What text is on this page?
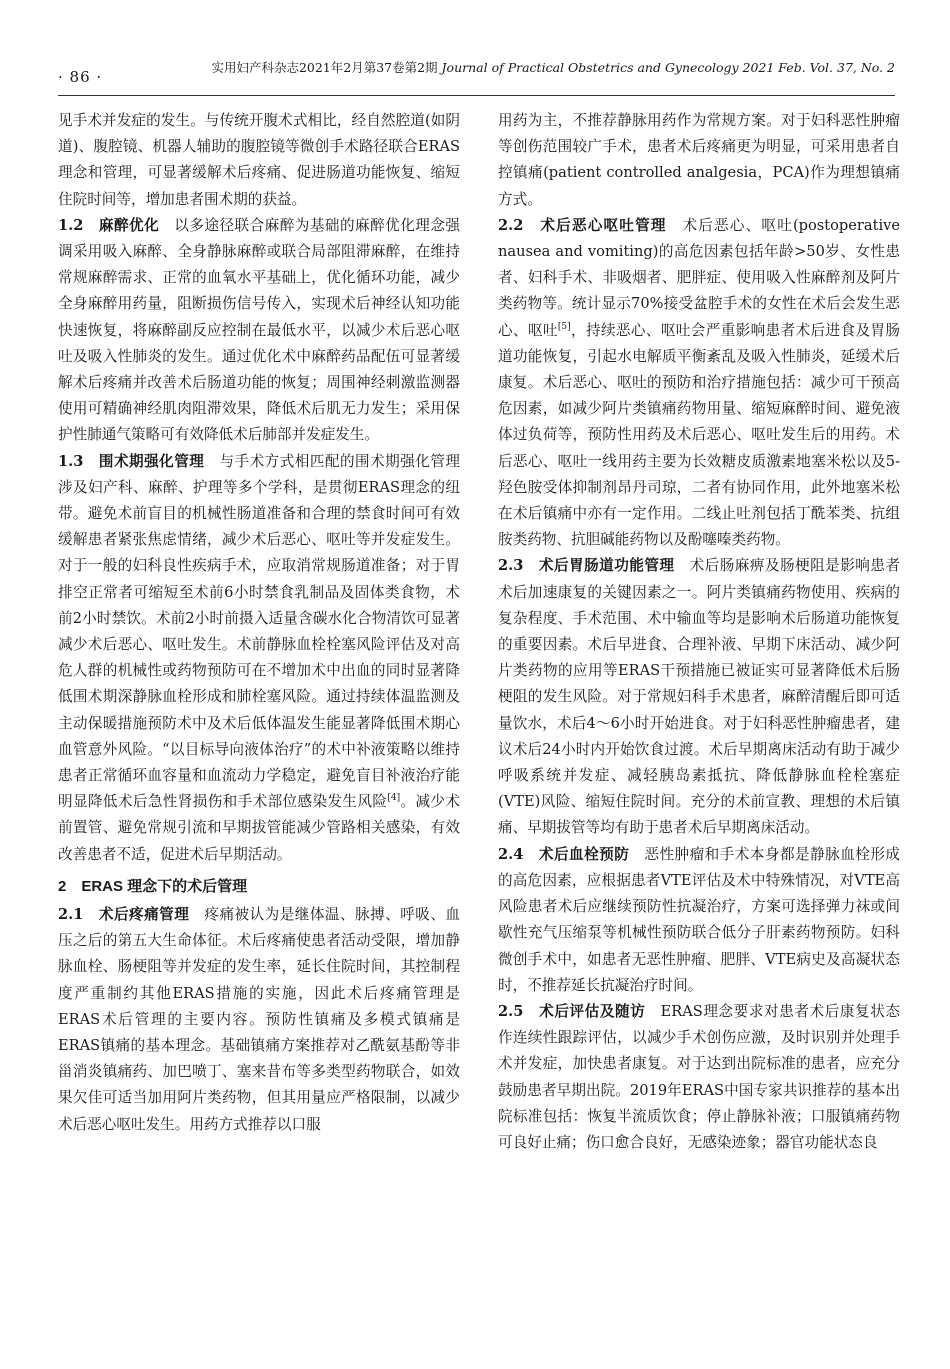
· 86 ·
实用妇产科杂志2021年2月第37卷第2期 Journal of Practical Obstetrics and Gynecology 2021 Feb. Vol. 37, No. 2

见手术并发症的发生。与传统开腹术式相比，经自然腔道(如阴道)、腹腔镜、机器人辅助的腹腔镜等微创手术路径联合ERAS理念和管理，可显著缓解术后疼痛、促进肠道功能恢复、缩短住院时间等，增加患者围术期的获益。

1.2　麻醉优化　 以多途径联合麻醉为基础的麻醉优化理念强调采用吸入麻醉、全身静脉麻醉或联合局部阻滞麻醉，在维持常规麻醉需求、正常的血氧水平基础上，优化循环功能，减少全身麻醉用药量，阻断损伤信号传入，实现术后神经认知功能快速恢复，将麻醉副反应控制在最低水平，以减少术后恶心呕吐及吸入性肺炎的发生。通过优化术中麻醉药品配伍可显著缓解术后疼痛并改善术后肠道功能的恢复；周围神经刺激监测器使用可精确神经肌肉阻滞效果，降低术后肌无力发生；采用保护性肺通气策略可有效降低术后肺部并发症发生。

1.3　围术期强化管理　 与手术方式相匹配的围术期强化管理涉及妇产科、麻醉、护理等多个学科，是贯彻ERAS理念的纽带。避免术前盲目的机械性肠道准备和合理的禁食时间可有效缓解患者紧张焦虑情绪，减少术后恶心、呕吐等并发症发生。对于一般的妇科良性疾病手术，应取消常规肠道准备；对于胃排空正常者可缩短至术前6小时禁食乳制品及固体类食物，术前2小时禁饮。术前2小时前摄入适量含碳水化合物清饮可显著减少术后恶心、呕吐发生。术前静脉血栓栓塞风险评估及对高危人群的机械性或药物预防可在不增加术中出血的同时显著降低围术期深静脉血栓形成和肺栓塞风险。通过持续体温监测及主动保暖措施预防术中及术后低体温发生能显著降低围术期心血管意外风险。“以目标导向液体治疗”的术中补液策略以维持患者正常循环血容量和血流动力学稳定，避免盲目补液治疗能明显降低术后急性肾损伤和手术部位感染发生风险[4]。减少术前置管、避免常规引流和早期拔管能减少管路相关感染，有效改善患者不适，促进术后早期活动。

2　ERAS 理念下的术后管理

2.1　术后疼痛管理　 疼痛被认为是继体温、脉搏、呼吸、血压之后的第五大生命体征。术后疼痛使患者活动受限，增加静脉血栓、肠梗阻等并发症的发生率，延长住院时间，其控制程度严重制约其他ERAS措施的实施，因此术后疼痛管理是ERAS术后管理的主要内容。预防性镇痛及多模式镇痛是ERAS镇痛的基本理念。基础镇痛方案推荐对乙酰氨基酚等非甾消炎镇痛药、加巴喷丁、塞来昔布等多类型药物联合，如效果欠佳可适当加用阿片类药物，但其用量应严格限制，以减少术后恶心呕吐发生。用药方式推荐以口服

用药为主，不推荐静脉用药作为常规方案。对于妇科恶性肿瘤等创伤范围较广手术，患者术后疼痛更为明显，可采用患者自控镇痛(patient controlled analgesia，PCA)作为理想镇痛方式。

2.2　术后恶心呕吐管理　 术后恶心、呕吐(postoperative nausea and vomiting)的高危因素包括年龄>50岁、女性患者、妇科手术、非吸烟者、肥胖症、使用吸入性麻醉剂及阿片类药物等。统计显示70%接受盆腔手术的女性在术后会发生恶心、呕吐[5]，持续恶心、呕吐会严重影响患者术后进食及胃肠道功能恢复，引起水电解质平衡紊乱及吸入性肺炎，延缓术后康复。术后恶心、呕吐的预防和治疗措施包括：减少可干预高危因素，如减少阿片类镇痛药物用量、缩短麻醉时间、避免液体过负荷等，预防性用药及术后恶心、呕吐发生后的用药。术后恶心、呕吐一线用药主要为长效糖皮质激素地塞米松以及5-羟色胺受体抑制剂昂丹司琼，二者有协同作用，此外地塞米松在术后镇痛中亦有一定作用。二线止吐剂包括丁酰苯类、抗组胺类药物、抗胆碱能药物以及酚噻嗪类药物。

2.3　术后胃肠道功能管理　 术后肠麻痹及肠梗阻是影响患者术后加速康复的关键因素之一。阿片类镇痛药物使用、疾病的复杂程度、手术范围、术中输血等均是影响术后肠道功能恢复的重要因素。术后早进食、合理补液、早期下床活动、减少阿片类药物的应用等ERAS干预措施已被证实可显著降低术后肠梗阻的发生风险。对于常规妇科手术患者，麻醉清醒后即可适量饮水，术后4～6小时开始进食。对于妇科恶性肿瘤患者，建议术后24小时内开始饮食过渡。术后早期离床活动有助于减少呼吸系统并发症、减轻胰岛素抵抗、降低静脉血栓栓塞症(VTE)风险、缩短住院时间。充分的术前宣教、理想的术后镇痛、早期拔管等均有助于患者术后早期离床活动。

2.4　术后血栓预防　 恶性肿瘤和手术本身都是静脉血栓形成的高危因素，应根据患者VTE评估及术中特殊情况，对VTE高风险患者术后应继续预防性抗凝治疗，方案可选择弹力袜或间歇性充气压缩泵等机械性预防联合低分子肝素药物预防。妇科微创手术中，如患者无恶性肿瘤、肥胖、VTE病史及高凝状态时，不推荐延长抗凝治疗时间。

2.5　术后评估及随访　 ERAS理念要求对患者术后康复状态作连续性跟踪评估，以减少手术创伤应激，及时识别并处理手术并发症，加快患者康复。对于达到出院标准的患者，应充分鼓励患者早期出院。2019年ERAS中国专家共识推荐的基本出院标准包括：恢复半流质饮食；停止静脉补液；口服镇痛药物可良好止痛；伤口愈合良好，无感染迹象；器官功能状态良
